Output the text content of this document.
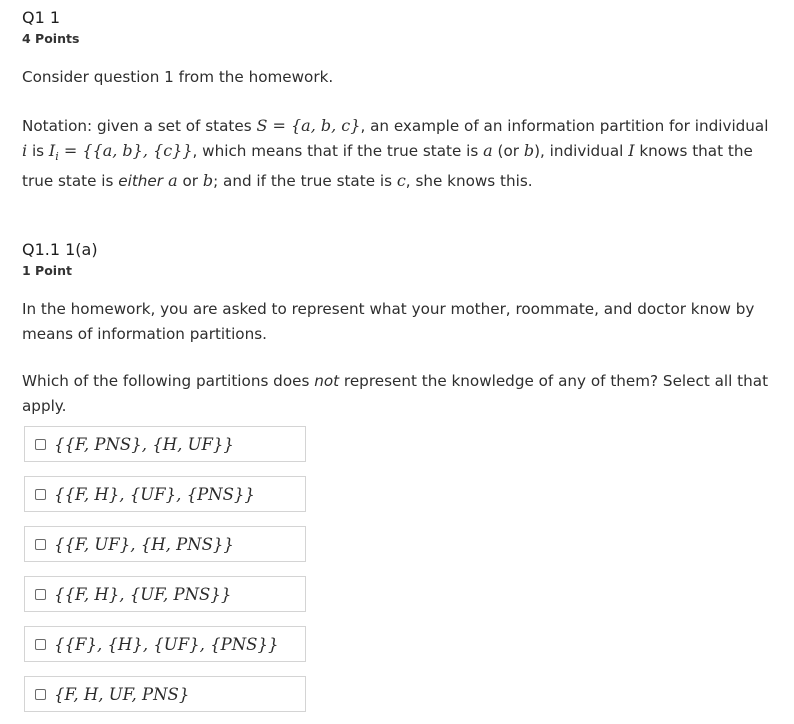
Q1 1
4 Points
Consider question 1 from the homework.
Notation: given a set of states S = {a, b, c}, an example of an information partition for individual i is $I_i = \{\{a$, b}, {c}}, which means that if the true state is a (or b), individual I knows that the true state is either a or b; and if the true state is c, she knows this.
Q1.1 1(a)
1 Point
In the homework, you are asked to represent what your mother, roommate, and doctor know by means of information partitions.
Which of the following partitions does not represent the knowledge of any of them? Select all that apply.
{{F, PNS}, {H, UF}}
{{F, H}, {UF}, {PNS}}
{{F, UF}, {H, PNS}}
{{F, H}, {UF, PNS}}
{{F}, {H}, {UF}, {PNS}}
{F, H, UF, PNS}
